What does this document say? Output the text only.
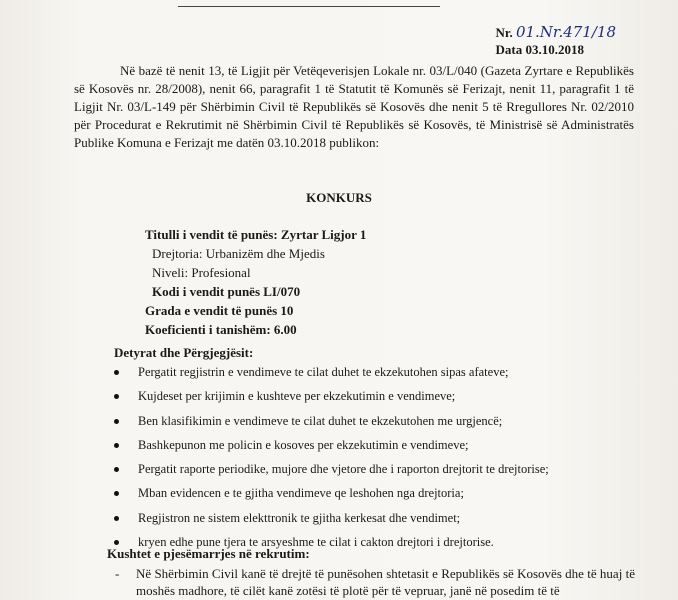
Nr. 01.Nr.471/18
Data 03.10.2018

Në bazë të nenit 13, të Ligjit për Vetëqeverisjen Lokale nr. 03/L/040 (Gazeta Zyrtare e Republikës së Kosovës nr. 28/2008), nenit 66, paragrafit 1 të Statutit të Komunës së Ferizajt, nenit 11, paragrafit 1 të Ligjit Nr. 03/L-149 për Shërbimin Civil të Republikës së Kosovës dhe nenit 5 të Rregullores Nr. 02/2010 për Procedurat e Rekrutimit në Shërbimin Civil të Republikës së Kosovës, të Ministrisë së Administratës Publike Komuna e Ferizajt me datën 03.10.2018 publikon:

KONKURS
Titulli i vendit të punës: Zyrtar Ligjor 1
Drejtoria: Urbanizëm dhe Mjedis
Niveli: Profesional
Kodi i vendit punës LI/070
Grada e vendit të punës 10
Koeficienti i tanishëm: 6.00
Detyrat dhe Përgjegjësit:
Pergatit regjistrin e vendimeve te cilat duhet te ekzekutohen sipas afateve;
Kujdeset per krijimin e kushteve per ekzekutimin e vendimeve;
Ben klasifikimin e vendimeve te cilat duhet te ekzekutohen me urgjencë;
Bashkepunon me policin e kosoves per ekzekutimin e vendimeve;
Pergatit raporte periodike, mujore dhe vjetore dhe i raporton drejtorit te drejtorise;
Mban evidencen e te gjitha vendimeve qe leshohen nga drejtoria;
Regjistron ne sistem elekttronik te gjitha kerkesat dhe vendimet;
kryen edhe pune tjera te arsyeshme te cilat i cakton drejtori i drejtorise.
Kushtet e pjesëmarrjes në rekrutim:
-	Në Shërbimin Civil kanë të drejtë të punësohen shtetasit e Republikës së Kosovës dhe të huaj të moshës madhore, të cilët kanë zotësi të plotë për të vepruar, janë në posedim të të
